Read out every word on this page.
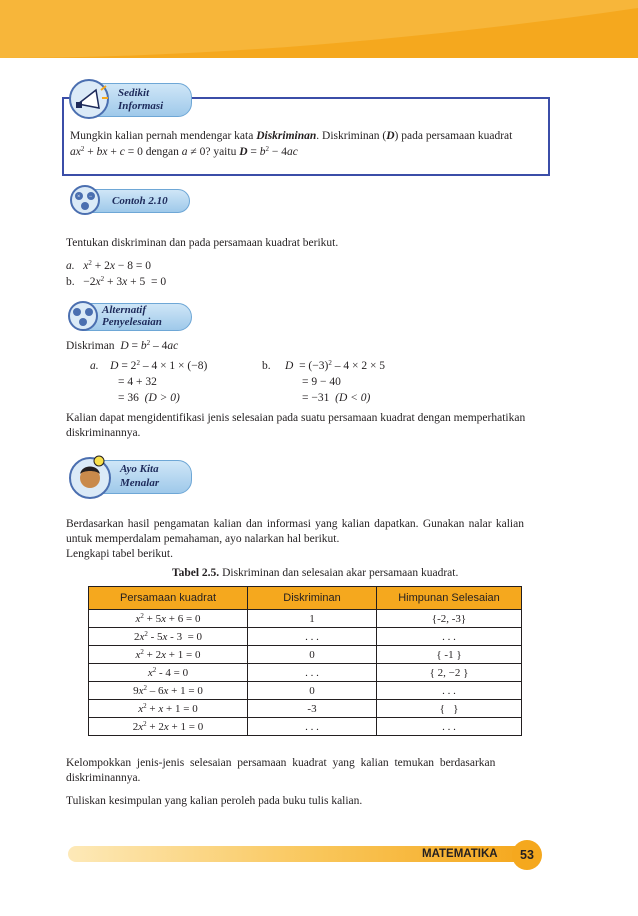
Sedikit
Informasi
Mungkin kalian pernah mendengar kata Diskriminan. Diskriminan (D) pada persamaan kuadrat
$ax^2$ + bx + c = 0 dengan a ≠ 0? yaitu $D = b^2 - 4ac$
× − Contoh 2.10
Tentukan diskriminan dan pada persamaan kuadrat berikut.
a. $x^2 + 2x - 8 = 0$
b.   $-2x^2 + 3x + 5 = 0$
Alternatif
Penyelesaian
Diskriman  $D = b^2 - 4ac$
a. $D = 2^2 - 4 \times 1 \times (-8)$
= 4 + 32
= 36  (D > 0)
b.     $D = (-3)^2 - 4 \times 2 \times 5$
= 9 − 40
= −31  (D < 0)
Kalian dapat mengidentifikasi jenis selesaian pada suatu persamaan kuadrat dengan memperhatikan
diskriminannya.
Ayo Kita
Menalar
Berdasarkan hasil pengamatan kalian dan informasi yang kalian dapatkan. Gunakan nalar kalian
untuk memperdalam pemahaman, ayo nalarkan hal berikut.
Lengkapi tabel berikut.
Tabel 2.5. Diskriminan dan selesaian akar persamaan kuadrat.
Persamaan kuadrat	Diskriminan	Himpunan Selesaian
$x^2 + 5x + 6 = 0$	1	{-2, -3}
$2x^2 - 5x - 3 = 0$	. . .	. . .
$x^2 + 2x + 1 = 0$	0	{ -1 }
$x^2 - 4 = 0$	. . .	{ 2, −2 }
$9x^2 - 6x + 1 = 0$	0	. . .
$x^2 + x + 1 = 0$	-3	{   }
$2x^2 + 2x + 1 = 0$	. . .	. . .
Kelompokkan jenis-jenis selesaian persamaan kuadrat yang kalian temukan berdasarkan
diskriminannya.
Tuliskan kesimpulan yang kalian peroleh pada buku tulis kalian.
MATEMATIKA	53
